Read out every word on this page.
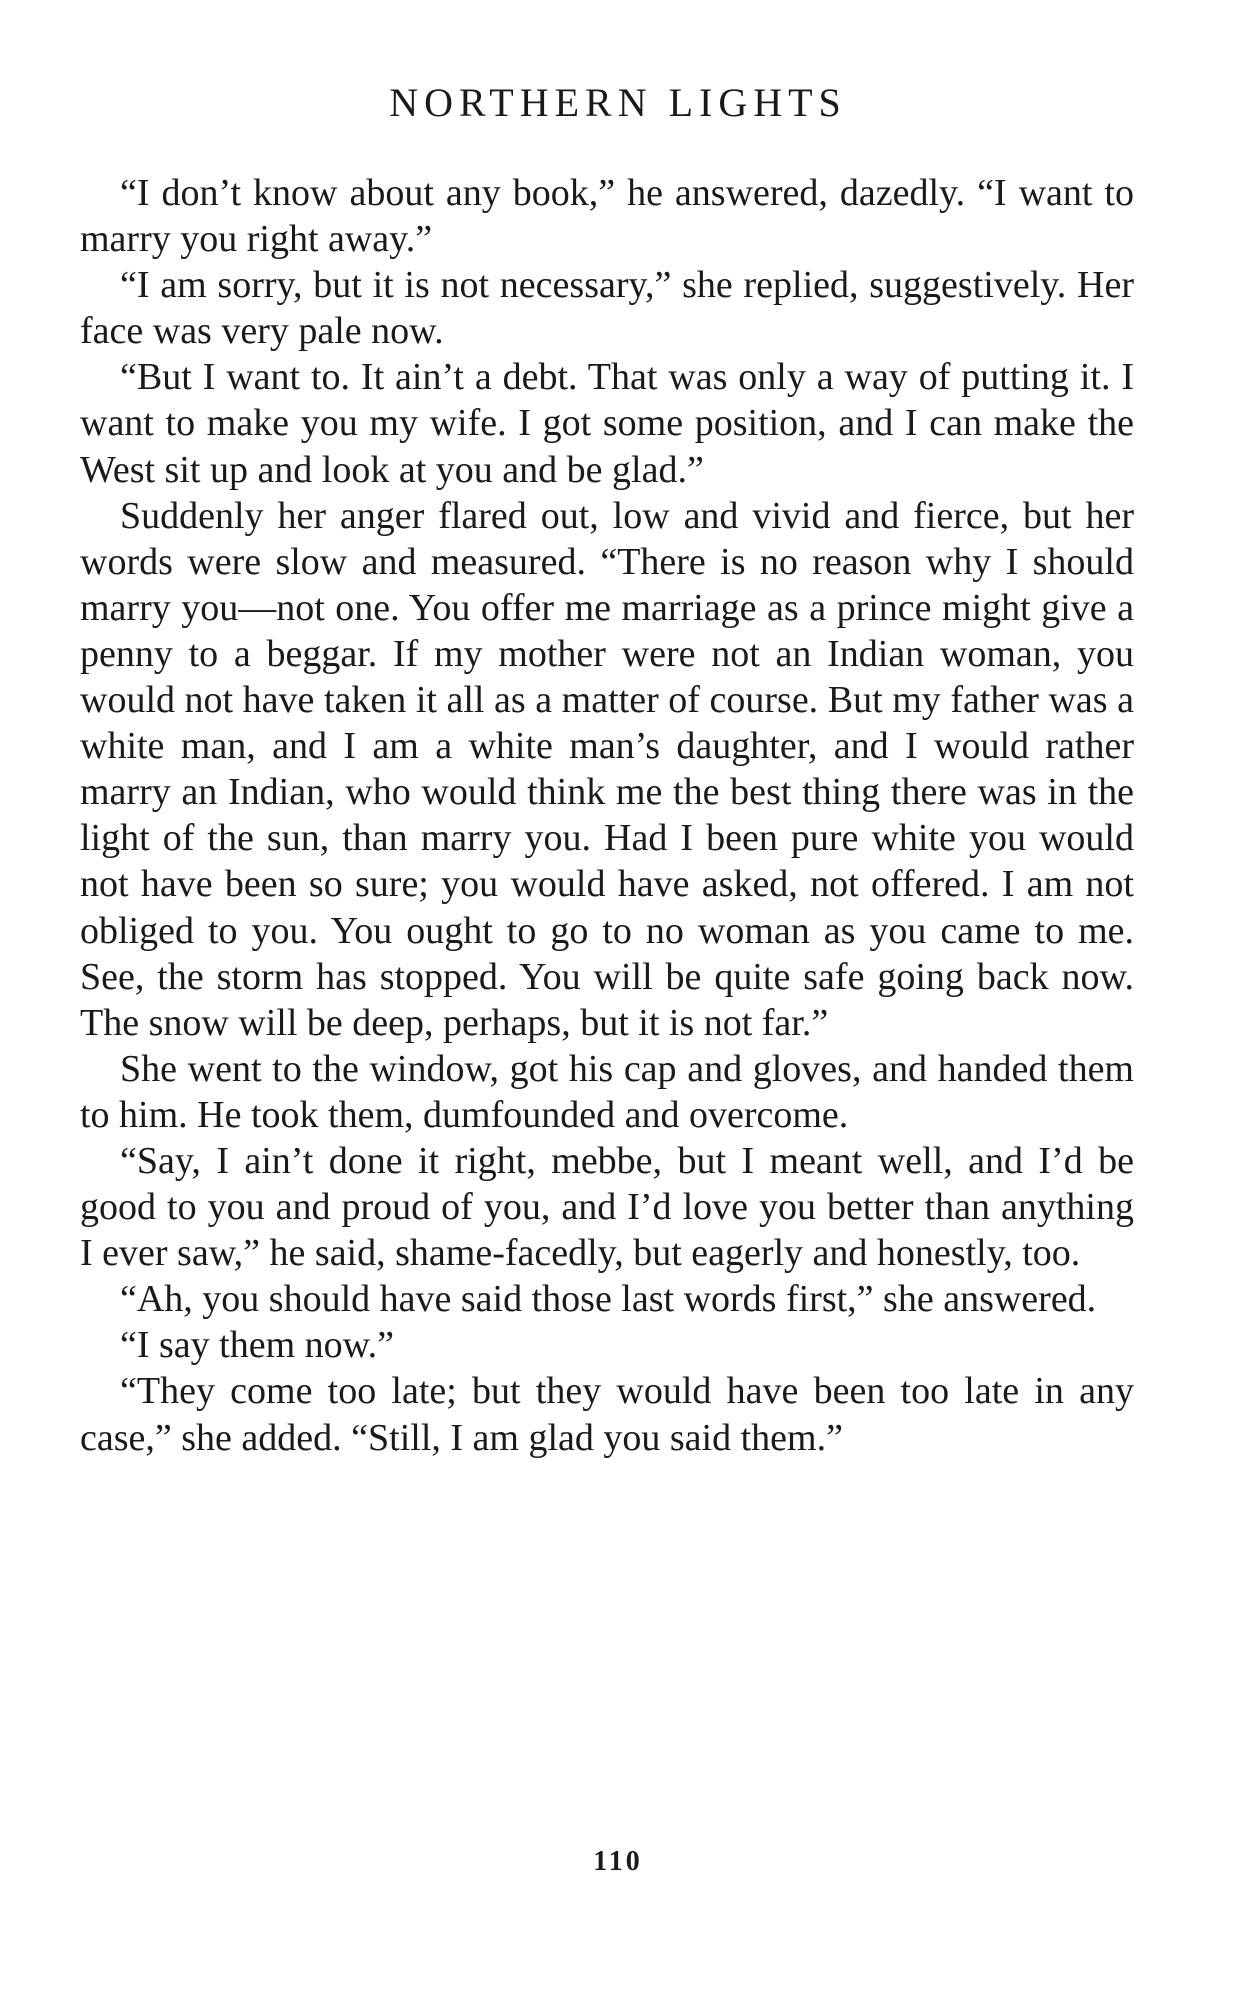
NORTHERN LIGHTS

“I don’t know about any book,” he answered, dazedly. “I want to marry you right away.”

“I am sorry, but it is not necessary,” she replied, suggestively. Her face was very pale now.

“But I want to. It ain’t a debt. That was only a way of putting it. I want to make you my wife. I got some position, and I can make the West sit up and look at you and be glad.”

Suddenly her anger flared out, low and vivid and fierce, but her words were slow and measured. “There is no reason why I should marry you—not one. You offer me marriage as a prince might give a penny to a beggar. If my mother were not an Indian woman, you would not have taken it all as a matter of course. But my father was a white man, and I am a white man’s daughter, and I would rather marry an Indian, who would think me the best thing there was in the light of the sun, than marry you. Had I been pure white you would not have been so sure; you would have asked, not offered. I am not obliged to you. You ought to go to no woman as you came to me. See, the storm has stopped. You will be quite safe going back now. The snow will be deep, perhaps, but it is not far.”

She went to the window, got his cap and gloves, and handed them to him. He took them, dumfounded and overcome.

“Say, I ain’t done it right, mebbe, but I meant well, and I’d be good to you and proud of you, and I’d love you better than anything I ever saw,” he said, shame-facedly, but eagerly and honestly, too.

“Ah, you should have said those last words first,” she answered.

“I say them now.”

“They come too late; but they would have been too late in any case,” she added. “Still, I am glad you said them.”

110
